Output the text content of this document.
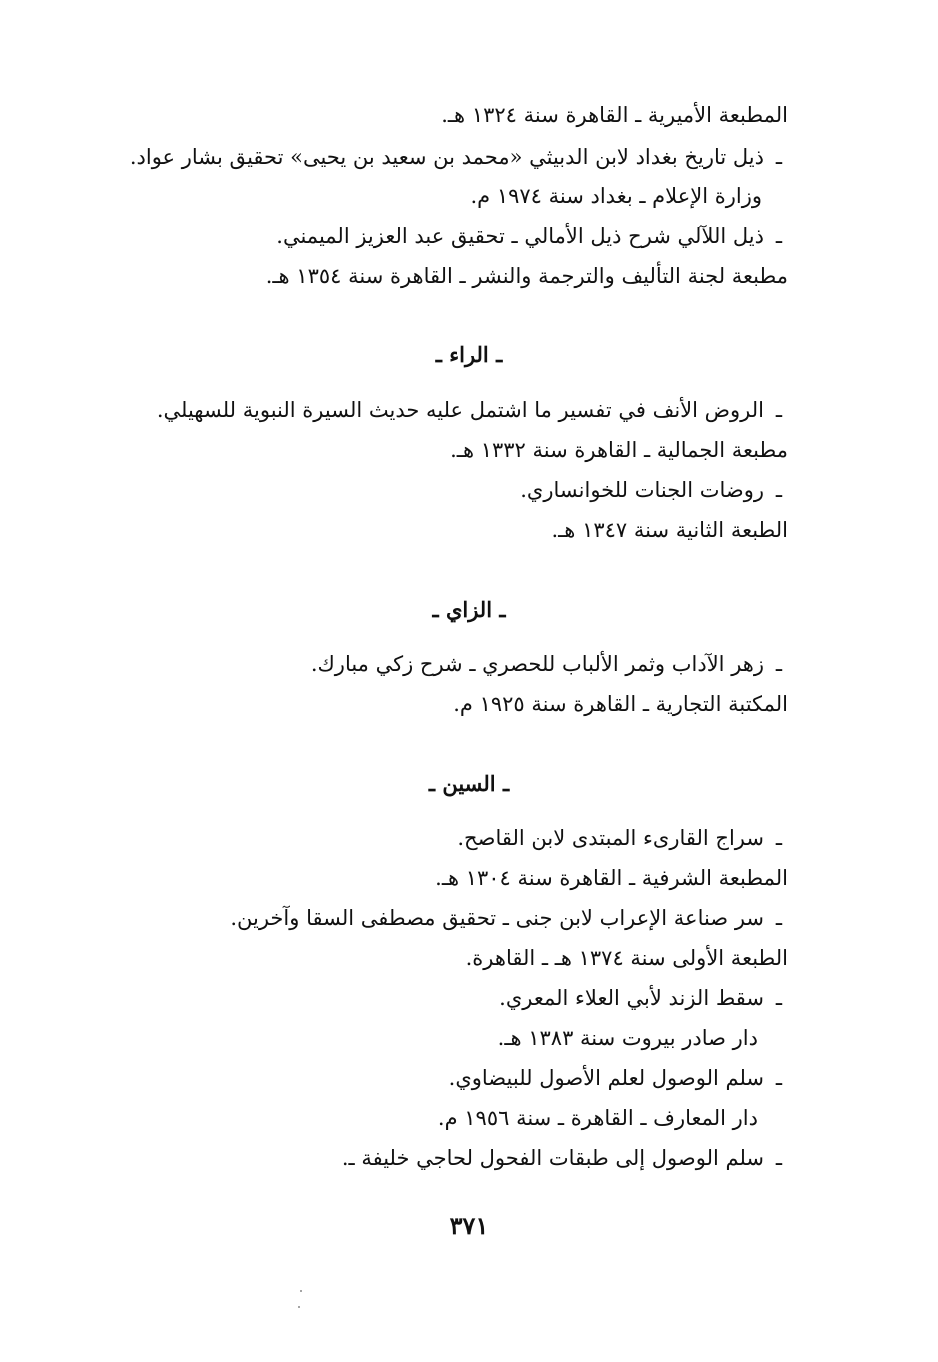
المطبعة الأميرية ـ القاهرة سنة ١٣٢٤ هـ.
ـذيل تاريخ بغداد لابن الدبيثي «محمد بن سعيد بن يحيى» تحقيق بشار عواد.
وزارة الإعلام ـ بغداد سنة ١٩٧٤ م.
ـذيل اللآلي شرح ذيل الأمالي ـ تحقيق عبد العزيز الميمني.
مطبعة لجنة التأليف والترجمة والنشر ـ القاهرة سنة ١٣٥٤ هـ.
ـ الراء ـ
ـالروض الأنف في تفسير ما اشتمل عليه حديث السيرة النبوية للسهيلي.
مطبعة الجمالية ـ القاهرة سنة ١٣٣٢ هـ.
ـروضات الجنات للخوانساري.
الطبعة الثانية سنة ١٣٤٧ هـ.
ـ الزاي ـ
ـزهر الآداب وثمر الألباب للحصري ـ شرح زكي مبارك.
المكتبة التجارية ـ القاهرة سنة ١٩٢٥ م.
ـ السين ـ
ـسراج القارىء المبتدى لابن القاصح.
المطبعة الشرفية ـ القاهرة سنة ١٣٠٤ هـ.
ـسر صناعة الإعراب لابن جنى ـ تحقيق مصطفى السقا وآخرين.
الطبعة الأولى سنة ١٣٧٤ هـ ـ القاهرة.
ـسقط الزند لأبي العلاء المعري.
دار صادر بيروت سنة ١٣٨٣ هـ.
ـسلم الوصول لعلم الأصول للبيضاوي.
دار المعارف ـ القاهرة ـ سنة ١٩٥٦ م.
ـسلم الوصول إلى طبقات الفحول لحاجي خليفة ـ.
٣٧١
